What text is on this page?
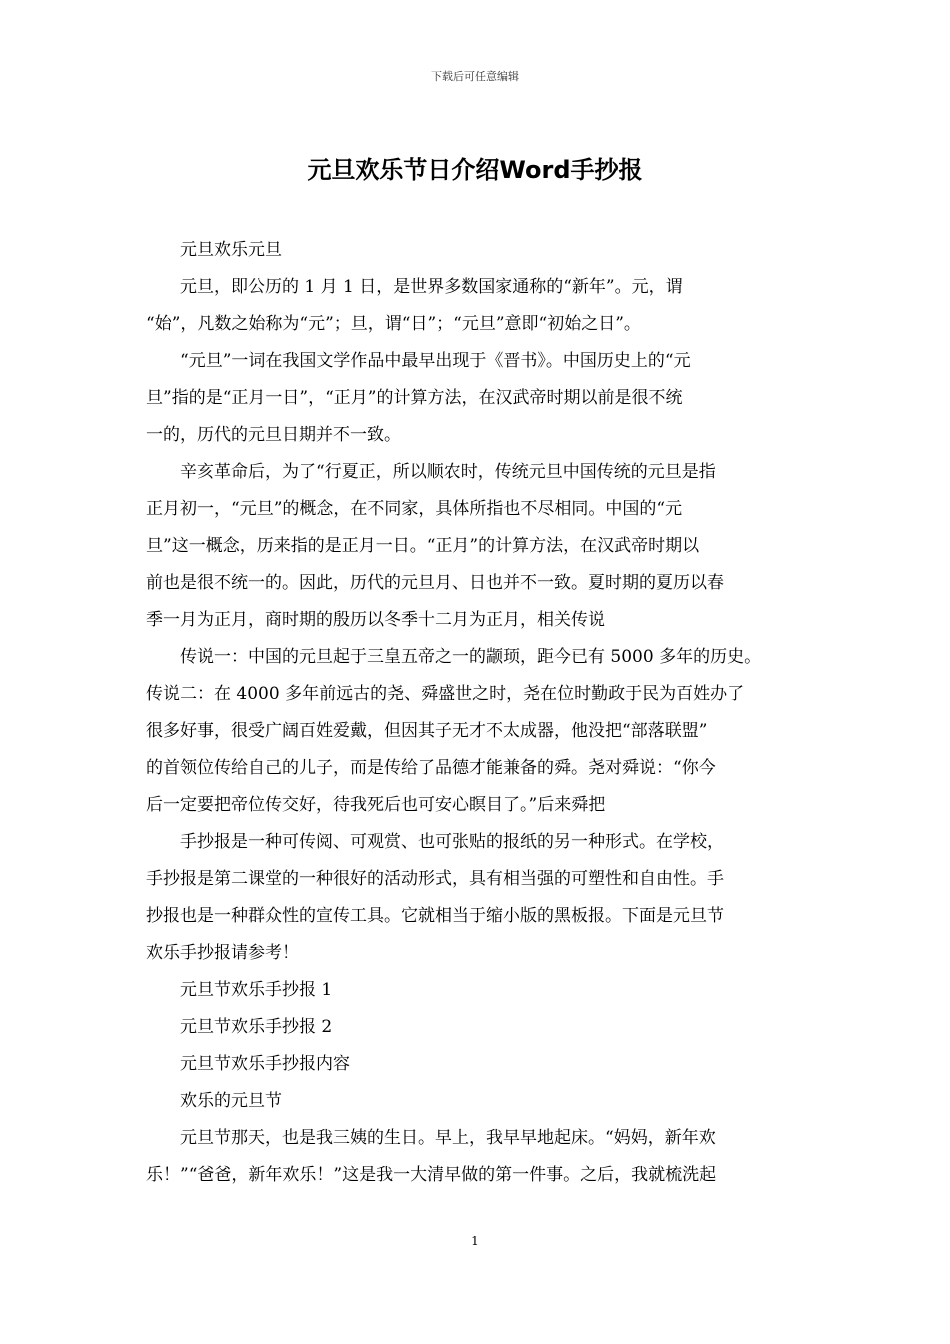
下载后可任意编辑
元旦欢乐节日介绍Word手抄报

元旦欢乐元旦

元旦，即公历的 1 月 1 日，是世界多数国家通称的“新年”。元，谓

“始”，凡数之始称为“元”；旦，谓“日”；“元旦”意即“初始之日”。

“元旦”一词在我国文学作品中最早出现于《晋书》。中国历史上的“元

旦”指的是“正月一日”，“正月”的计算方法，在汉武帝时期以前是很不统

一的，历代的元旦日期并不一致。

辛亥革命后，为了“行夏正，所以顺农时，传统元旦中国传统的元旦是指

正月初一，“元旦”的概念，在不同家，具体所指也不尽相同。中国的“元

旦”这一概念，历来指的是正月一日。“正月”的计算方法，在汉武帝时期以

前也是很不统一的。因此，历代的元旦月、日也并不一致。夏时期的夏历以春

季一月为正月，商时期的殷历以冬季十二月为正月，相关传说

传说一：中国的元旦起于三皇五帝之一的颛顼，距今已有 5000 多年的历史。

传说二：在 4000 多年前远古的尧、舜盛世之时，尧在位时勤政于民为百姓办了

很多好事，很受广阔百姓爱戴，但因其子无才不太成器，他没把“部落联盟”

的首领位传给自己的儿子，而是传给了品德才能兼备的舜。尧对舜说：“你今

后一定要把帝位传交好，待我死后也可安心瞑目了。”后来舜把

手抄报是一种可传阅、可观赏、也可张贴的报纸的另一种形式。在学校，

手抄报是第二课堂的一种很好的活动形式，具有相当强的可塑性和自由性。手

抄报也是一种群众性的宣传工具。它就相当于缩小版的黑板报。下面是元旦节

欢乐手抄报请参考！

元旦节欢乐手抄报 1

元旦节欢乐手抄报 2

元旦节欢乐手抄报内容

欢乐的元旦节

元旦节那天，也是我三姨的生日。早上，我早早地起床。“妈妈，新年欢

乐！”“爸爸，新年欢乐！”这是我一大清早做的第一件事。之后，我就梳洗起

1
